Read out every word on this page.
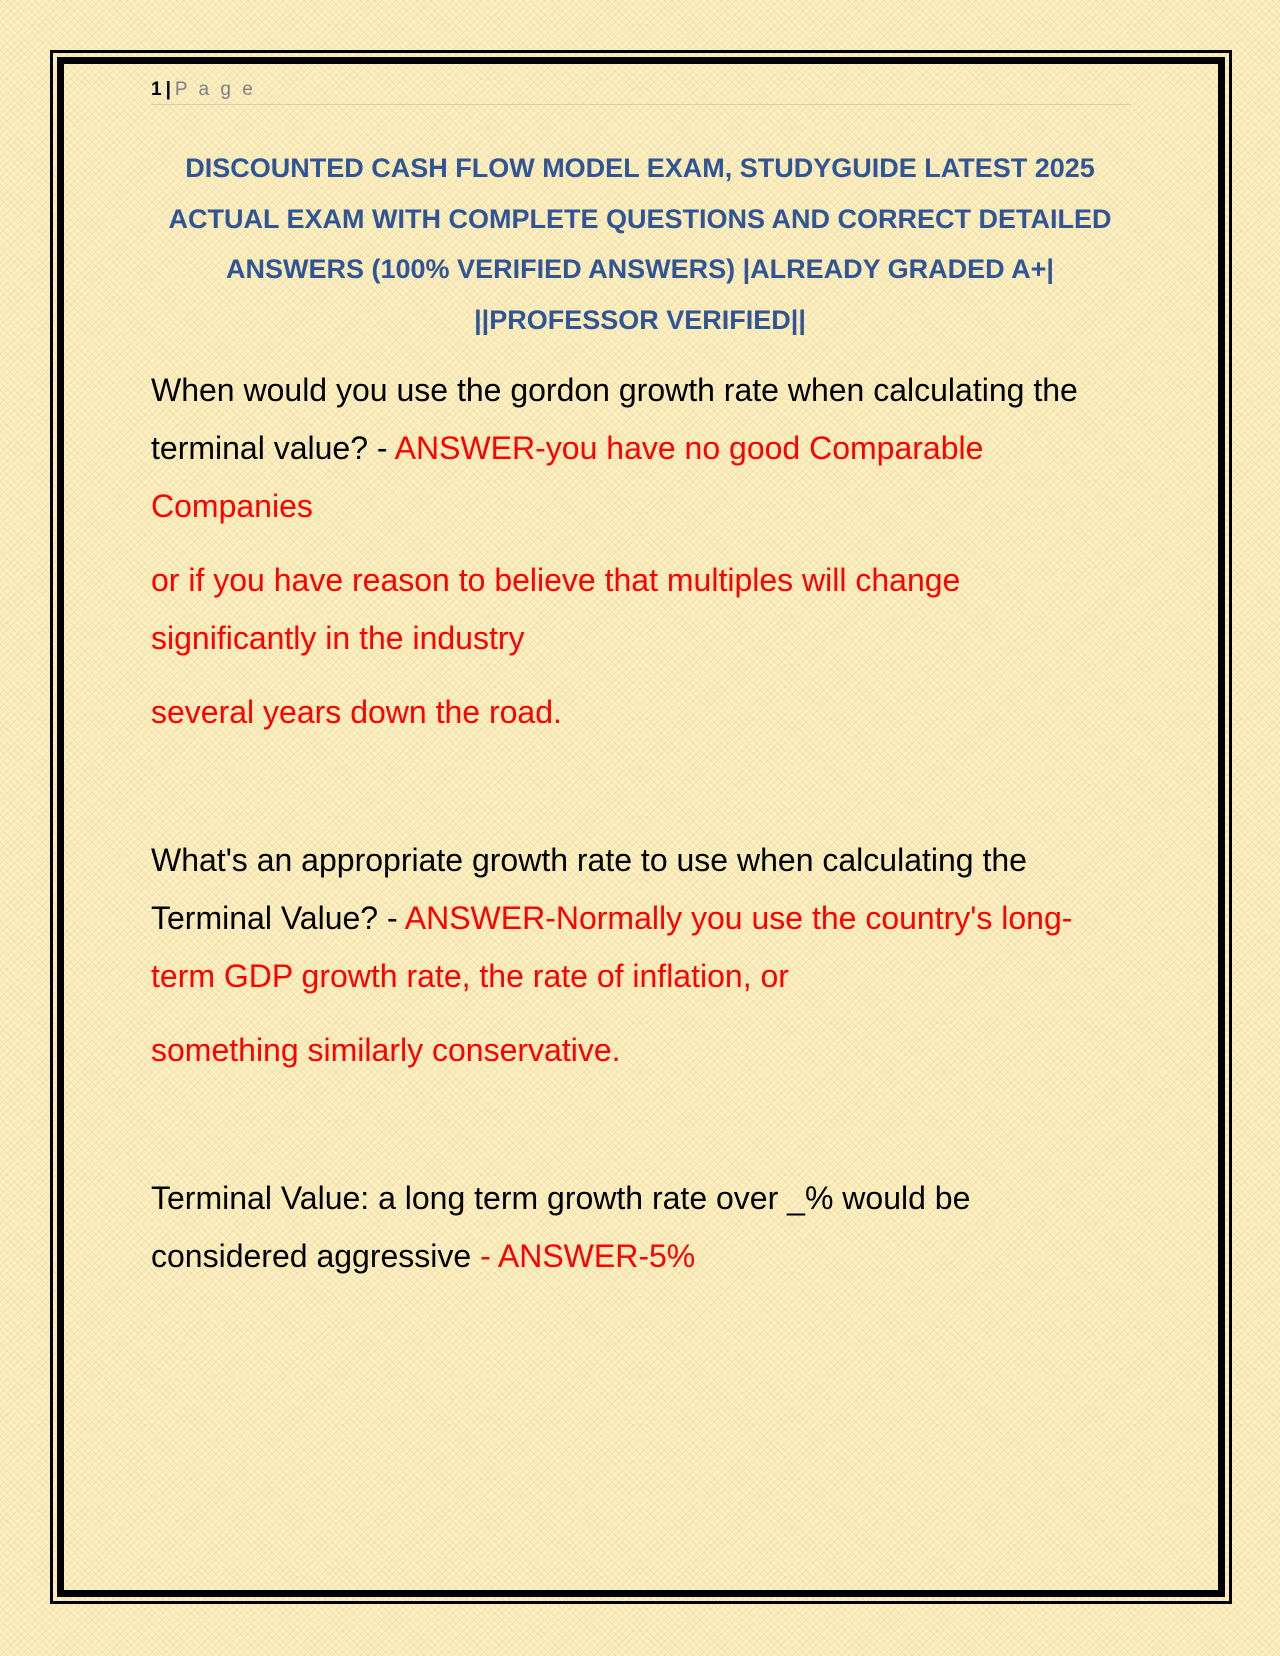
1 | P a g e
DISCOUNTED CASH FLOW MODEL EXAM, STUDYGUIDE LATEST 2025 ACTUAL EXAM WITH COMPLETE QUESTIONS AND CORRECT DETAILED ANSWERS (100% VERIFIED ANSWERS) |ALREADY GRADED A+| ||PROFESSOR VERIFIED||

When would you use the gordon growth rate when calculating the terminal value? - ANSWER-you have no good Comparable Companies

or if you have reason to believe that multiples will change significantly in the industry

several years down the road.

What's an appropriate growth rate to use when calculating the Terminal Value? - ANSWER-Normally you use the country's long-term GDP growth rate, the rate of inflation, or

something similarly conservative.

Terminal Value: a long term growth rate over _% would be considered aggressive - ANSWER-5%
